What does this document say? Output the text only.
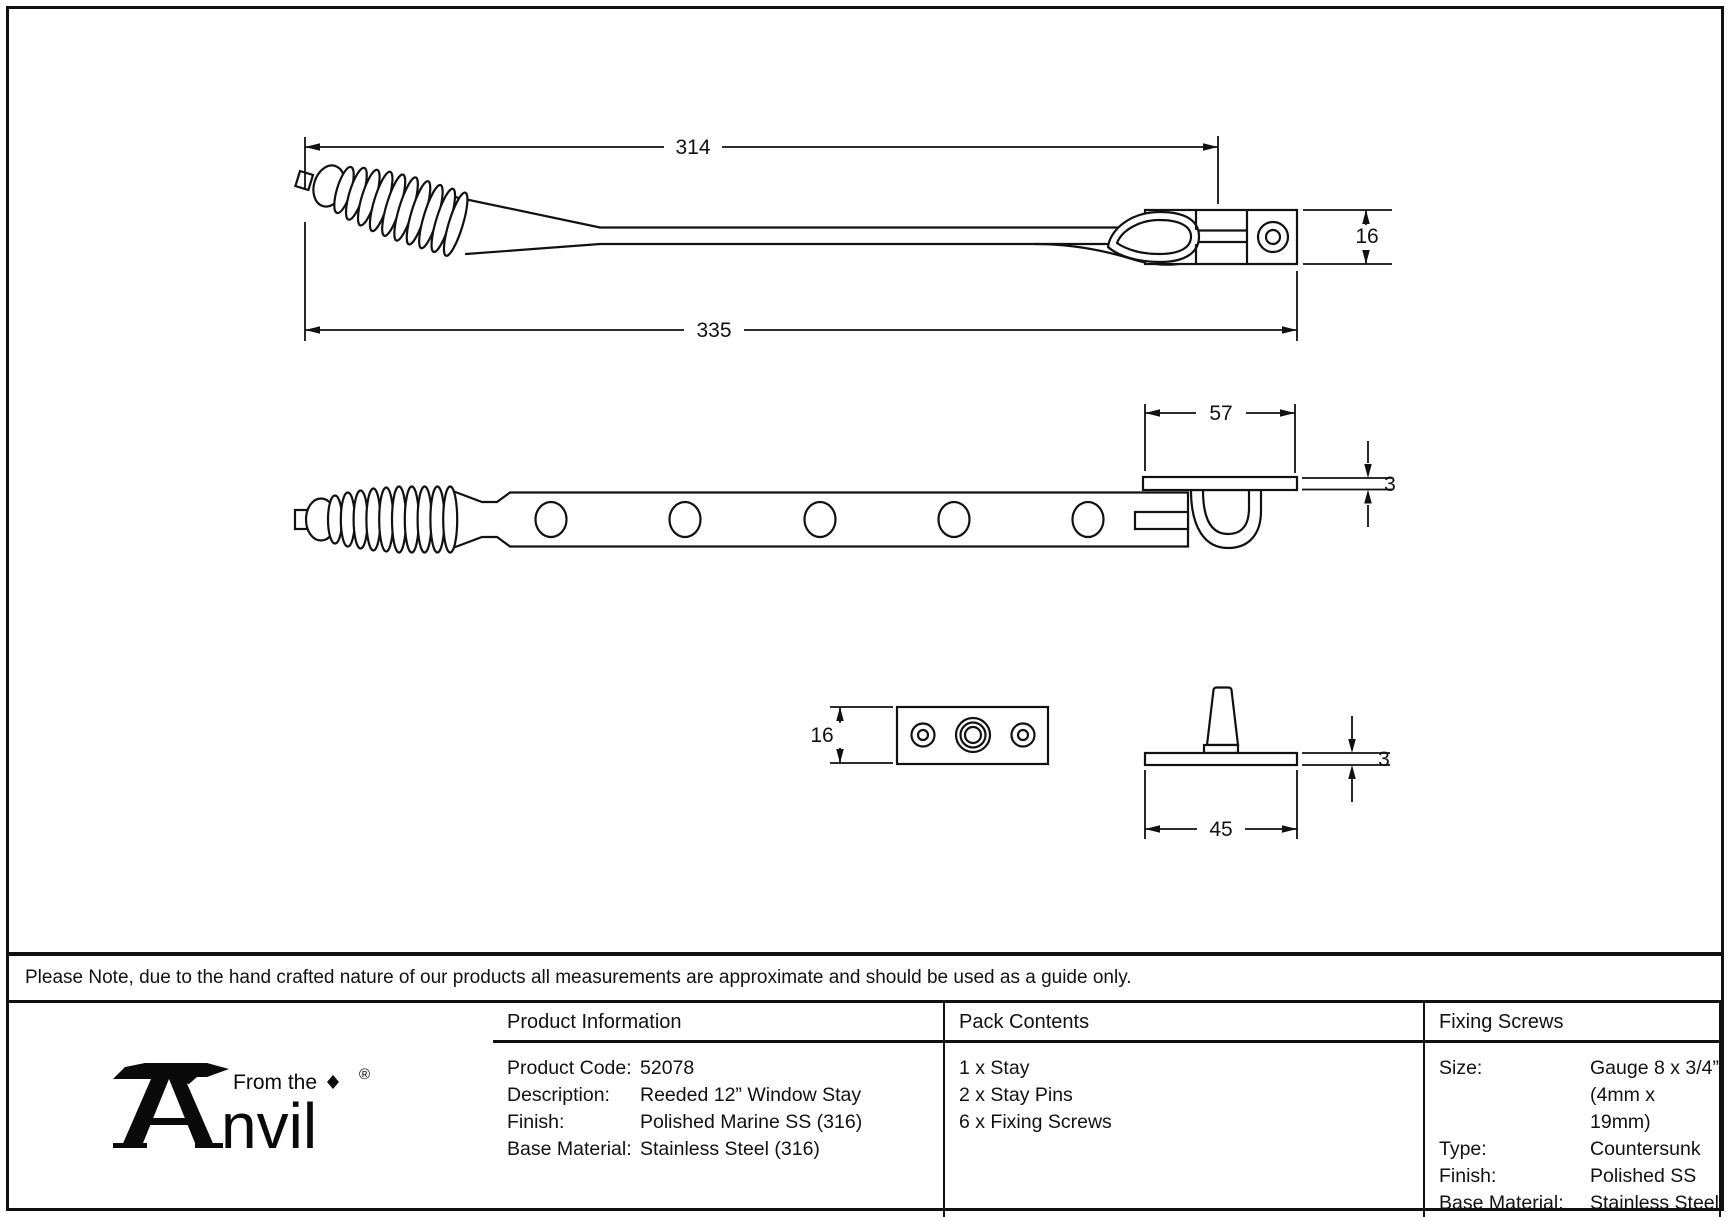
314
335
16
57
3
16
45
3
Please Note, due to the hand crafted nature of our products all measurements are approximate and should be used as a guide only.
Product Information	Pack Contents	Fixing Screws
nvil
From the	®	Product Code: 52078
Description:	Reeded 12” Window Stay
Finish:	Polished Marine SS (316)
Base Material: Stainless Steel (316)
1 x Stay
2 x Stay Pins
6 x Fixing Screws
Size:	Gauge 8 x 3/4” (4mm x 19mm)
Type:	Countersunk
Finish:	Polished SS
Base Material:	Stainless Steel
